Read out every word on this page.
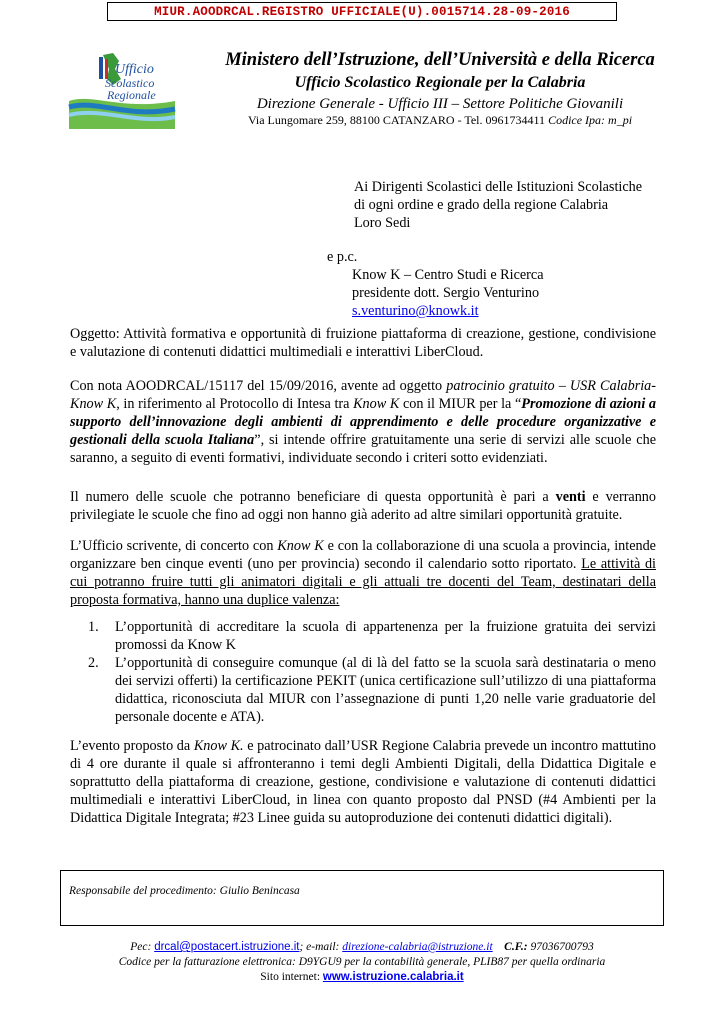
MIUR.AOODRCAL.REGISTRO UFFICIALE(U).0015714.28-09-2016
Ufficio
Scolastico
Regionale
Ministero dell’Istruzione, dell’Università e della Ricerca
Ufficio Scolastico Regionale per la Calabria
Direzione Generale - Ufficio III – Settore Politiche Giovanili
Via Lungomare 259, 88100 CATANZARO - Tel. 0961734411 Codice Ipa: m_pi
Ai Dirigenti Scolastici delle Istituzioni Scolastiche
di ogni ordine e grado della regione Calabria
Loro Sedi
e p.c.
Know K – Centro Studi e Ricerca
presidente dott. Sergio Venturino
s.venturino@knowk.it
Oggetto: Attività formativa e opportunità di fruizione piattaforma di creazione, gestione, condivisione e valutazione di contenuti didattici multimediali e interattivi LiberCloud.
Con nota AOODRCAL/15117 del 15/09/2016, avente ad oggetto patrocinio gratuito – USR Calabria- Know K, in riferimento al Protocollo di Intesa tra Know K con il MIUR per la “Promozione di azioni a supporto dell’innovazione degli ambienti di apprendimento e delle procedure organizzative e gestionali della scuola Italiana”, si intende offrire gratuitamente una serie di servizi alle scuole che saranno, a seguito di eventi formativi, individuate secondo i criteri sotto evidenziati.
Il numero delle scuole che potranno beneficiare di questa opportunità è pari a venti e verranno privilegiate le scuole che fino ad oggi non hanno già aderito ad altre similari opportunità gratuite.
L’Ufficio scrivente, di concerto con Know K e con la collaborazione di una scuola a provincia, intende organizzare ben cinque eventi (uno per provincia) secondo il calendario sotto riportato. Le attività di cui potranno fruire tutti gli animatori digitali e gli attuali tre docenti del Team, destinatari della proposta formativa, hanno una duplice valenza:
1. L’opportunità di accreditare la scuola di appartenenza per la fruizione gratuita dei servizi promossi da Know K
2. L’opportunità di conseguire comunque (al di là del fatto se la scuola sarà destinataria o meno dei servizi offerti) la certificazione PEKIT (unica certificazione sull’utilizzo di una piattaforma didattica, riconosciuta dal MIUR con l’assegnazione di punti 1,20 nelle varie graduatorie del personale docente e ATA).
L’evento proposto da Know K. e patrocinato dall’USR Regione Calabria prevede un incontro mattutino di 4 ore durante il quale si affronteranno i temi degli Ambienti Digitali, della Didattica Digitale e soprattutto della piattaforma di creazione, gestione, condivisione e valutazione di contenuti didattici multimediali e interattivi LiberCloud, in linea con quanto proposto dal PNSD (#4 Ambienti per la Didattica Digitale Integrata; #23 Linee guida su autoproduzione dei contenuti didattici digitali).
Responsabile del procedimento: Giulio Benincasa
Pec: drcal@postacert.istruzione.it; e-mail: direzione-calabria@istruzione.it C.F.: 97036700793
Codice per la fatturazione elettronica: D9YGU9 per la contabilità generale, PLIB87 per quella ordinaria
Sito internet: www.istruzione.calabria.it
